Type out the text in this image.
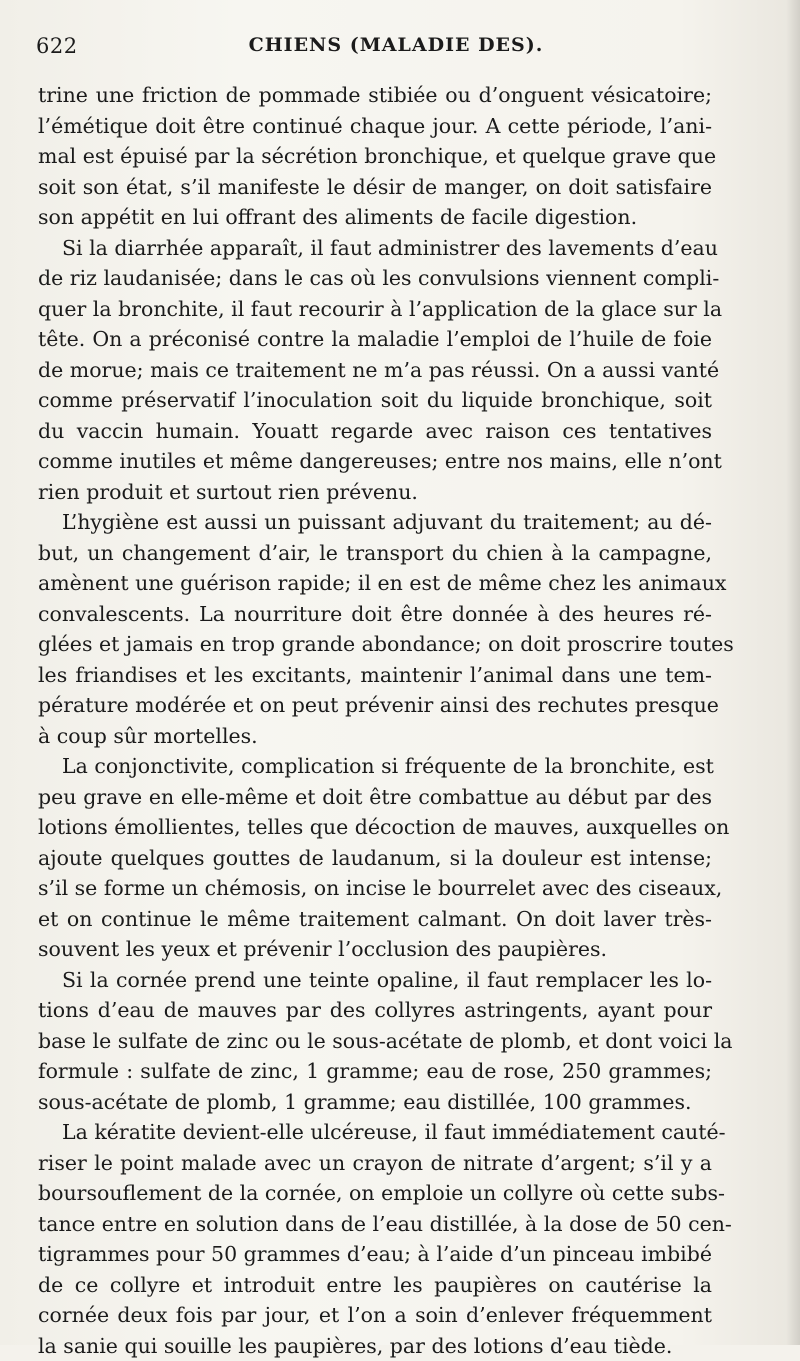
622	CHIENS (MALADIE DES).
trine une friction de pommade stibiée ou d’onguent vésicatoire;
l’émétique doit être continué chaque jour. A cette période, l’ani-
mal est épuisé par la sécrétion bronchique, et quelque grave que
soit son état, s’il manifeste le désir de manger, on doit satisfaire
son appétit en lui offrant des aliments de facile digestion.
Si la diarrhée apparaît, il faut administrer des lavements d’eau
de riz laudanisée; dans le cas où les convulsions viennent compli-
quer la bronchite, il faut recourir à l’application de la glace sur la
tête. On a préconisé contre la maladie l’emploi de l’huile de foie
de morue; mais ce traitement ne m’a pas réussi. On a aussi vanté
comme préservatif l’inoculation soit du liquide bronchique, soit
du vaccin humain. Youatt regarde avec raison ces tentatives
comme inutiles et même dangereuses; entre nos mains, elle n’ont
rien produit et surtout rien prévenu.
L’hygiène est aussi un puissant adjuvant du traitement; au dé-
but, un changement d’air, le transport du chien à la campagne,
amènent une guérison rapide; il en est de même chez les animaux
convalescents. La nourriture doit être donnée à des heures ré-
glées et jamais en trop grande abondance; on doit proscrire toutes
les friandises et les excitants, maintenir l’animal dans une tem-
pérature modérée et on peut prévenir ainsi des rechutes presque
à coup sûr mortelles.
La conjonctivite, complication si fréquente de la bronchite, est
peu grave en elle-même et doit être combattue au début par des
lotions émollientes, telles que décoction de mauves, auxquelles on
ajoute quelques gouttes de laudanum, si la douleur est intense;
s’il se forme un chémosis, on incise le bourrelet avec des ciseaux,
et on continue le même traitement calmant. On doit laver très-
souvent les yeux et prévenir l’occlusion des paupières.
Si la cornée prend une teinte opaline, il faut remplacer les lo-
tions d’eau de mauves par des collyres astringents, ayant pour
base le sulfate de zinc ou le sous-acétate de plomb, et dont voici la
formule : sulfate de zinc, 1 gramme; eau de rose, 250 grammes;
sous-acétate de plomb, 1 gramme; eau distillée, 100 grammes.
La kératite devient-elle ulcéreuse, il faut immédiatement cauté-
riser le point malade avec un crayon de nitrate d’argent; s’il y a
boursouflement de la cornée, on emploie un collyre où cette subs-
tance entre en solution dans de l’eau distillée, à la dose de 50 cen-
tigrammes pour 50 grammes d’eau; à l’aide d’un pinceau imbibé
de ce collyre et introduit entre les paupières on cautérise la
cornée deux fois par jour, et l’on a soin d’enlever fréquemment
la sanie qui souille les paupières, par des lotions d’eau tiède.
